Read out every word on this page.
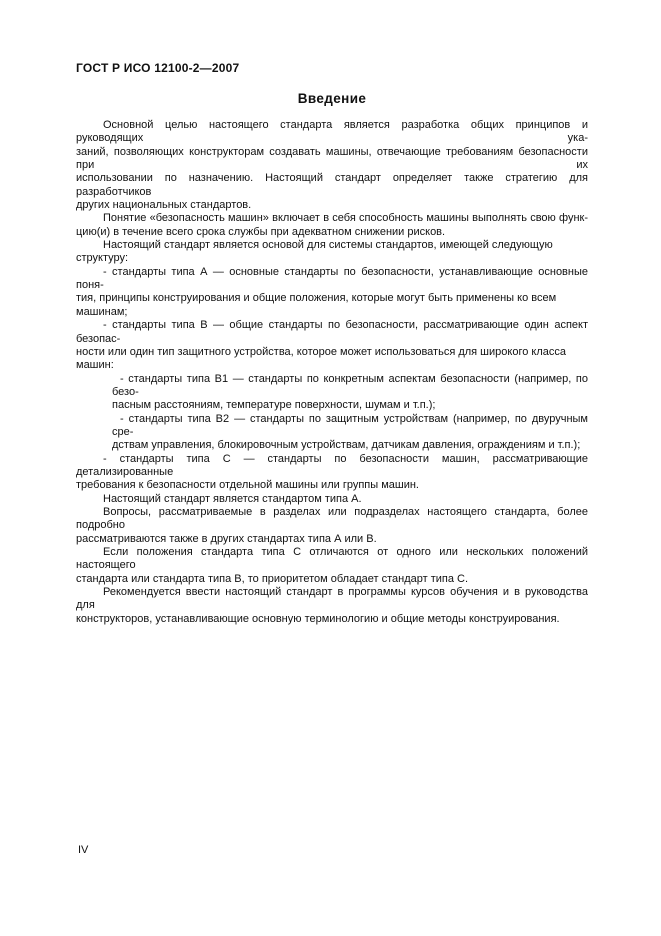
ГОСТ Р ИСО 12100-2—2007
Введение
Основной целью настоящего стандарта является разработка общих принципов и руководящих ука-
заний, позволяющих конструкторам создавать машины, отвечающие требованиям безопасности при их
использовании по назначению. Настоящий стандарт определяет также стратегию для разработчиков
других национальных стандартов.
Понятие «безопасность машин» включает в себя способность машины выполнять свою функ-
цию(и) в течение всего срока службы при адекватном снижении рисков.
Настоящий стандарт является основой для системы стандартов, имеющей следующую структуру:
- стандарты типа А — основные стандарты по безопасности, устанавливающие основные поня-
тия, принципы конструирования и общие положения, которые могут быть применены ко всем машинам;
- стандарты типа В — общие стандарты по безопасности, рассматривающие один аспект безопас-
ности или один тип защитного устройства, которое может использоваться для широкого класса машин:
- стандарты типа В1 — стандарты по конкретным аспектам безопасности (например, по безо-
пасным расстояниям, температуре поверхности, шумам и т.п.);
- стандарты типа В2 — стандарты по защитным устройствам (например, по двуручным сре-
дствам управления, блокировочным устройствам, датчикам давления, ограждениям и т.п.);
- стандарты типа С — стандарты по безопасности машин, рассматривающие детализированные
требования к безопасности отдельной машины или группы машин.
Настоящий стандарт является стандартом типа А.
Вопросы, рассматриваемые в разделах или подразделах настоящего стандарта, более подробно
рассматриваются также в других стандартах типа А или В.
Если положения стандарта типа С отличаются от одного или нескольких положений настоящего
стандарта или стандарта типа В, то приоритетом обладает стандарт типа С.
Рекомендуется ввести настоящий стандарт в программы курсов обучения и в руководства для
конструкторов, устанавливающие основную терминологию и общие методы конструирования.
IV
